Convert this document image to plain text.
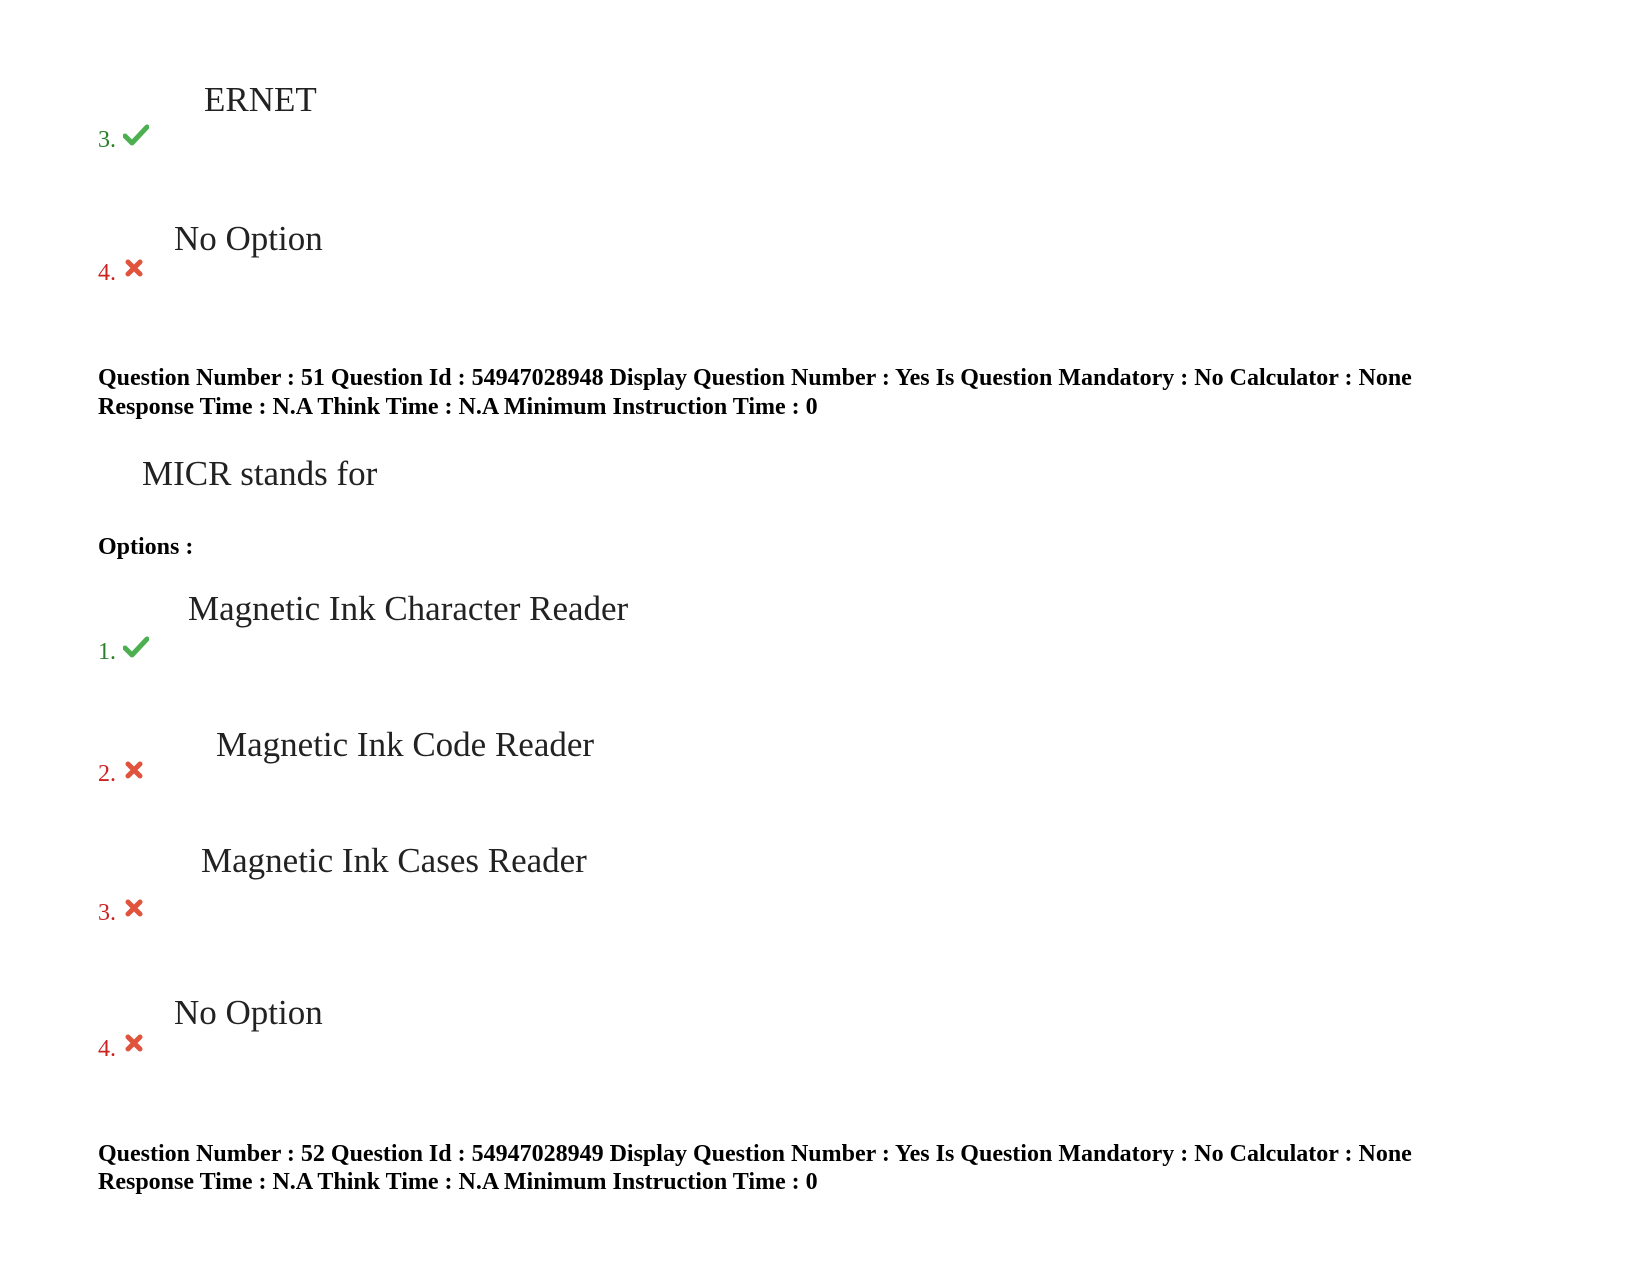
ERNET
3.
No Option
4.
Question Number : 51 Question Id : 54947028948 Display Question Number : Yes Is Question Mandatory : No Calculator : None
Response Time : N.A Think Time : N.A Minimum Instruction Time : 0
MICR stands for
Options :
Magnetic Ink Character Reader
1.
Magnetic Ink Code Reader
2.
Magnetic Ink Cases Reader
3.
No Option
4.
Question Number : 52 Question Id : 54947028949 Display Question Number : Yes Is Question Mandatory : No Calculator : None
Response Time : N.A Think Time : N.A Minimum Instruction Time : 0
